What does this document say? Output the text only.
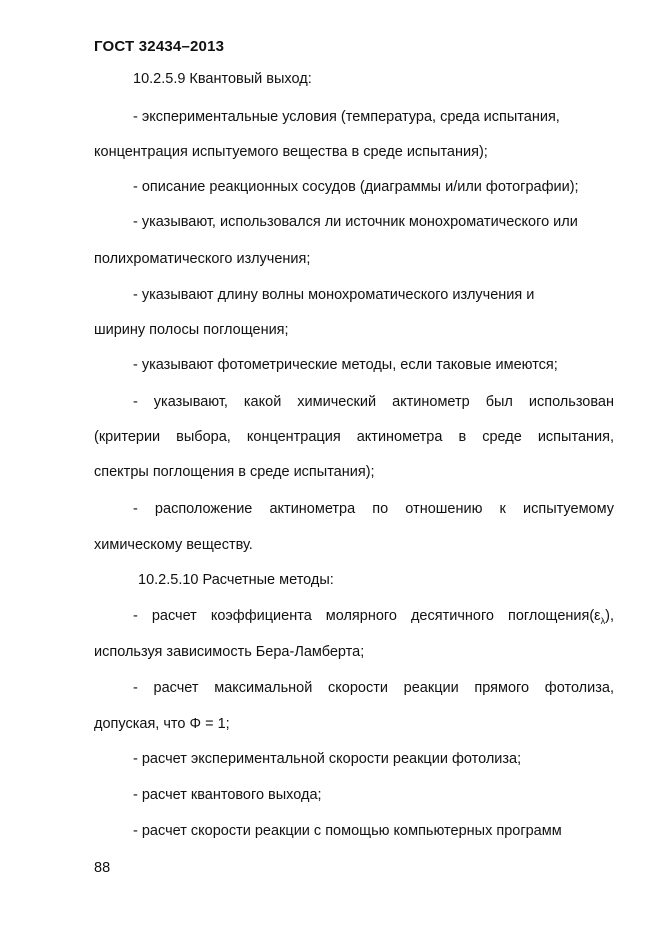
ГОСТ 32434–2013
10.2.5.9 Квантовый выход:
- экспериментальные условия (температура, среда испытания,
концентрация испытуемого вещества в среде испытания);
- описание реакционных сосудов (диаграммы и/или фотографии);
- указывают, использовался ли источник монохроматического или
полихроматического излучения;
- указывают длину волны монохроматического излучения и
ширину полосы поглощения;
- указывают фотометрические методы, если таковые имеются;
- указывают, какой химический актинометр был использован
(критерии выбора, концентрация актинометра в среде испытания,
спектры поглощения в среде испытания);
- расположение актинометра по отношению к испытуемому
химическому веществу.
10.2.5.10 Расчетные методы:
- расчет коэффициента молярного десятичного $поглощения(\varepsilon_\lambda)$,
используя зависимость Бера-Ламберта;
- расчет максимальной скорости реакции прямого фотолиза,
допуская, что Φ = 1;
- расчет экспериментальной скорости реакции фотолиза;
- расчет квантового выхода;
- расчет скорости реакции с помощью компьютерных программ
88
